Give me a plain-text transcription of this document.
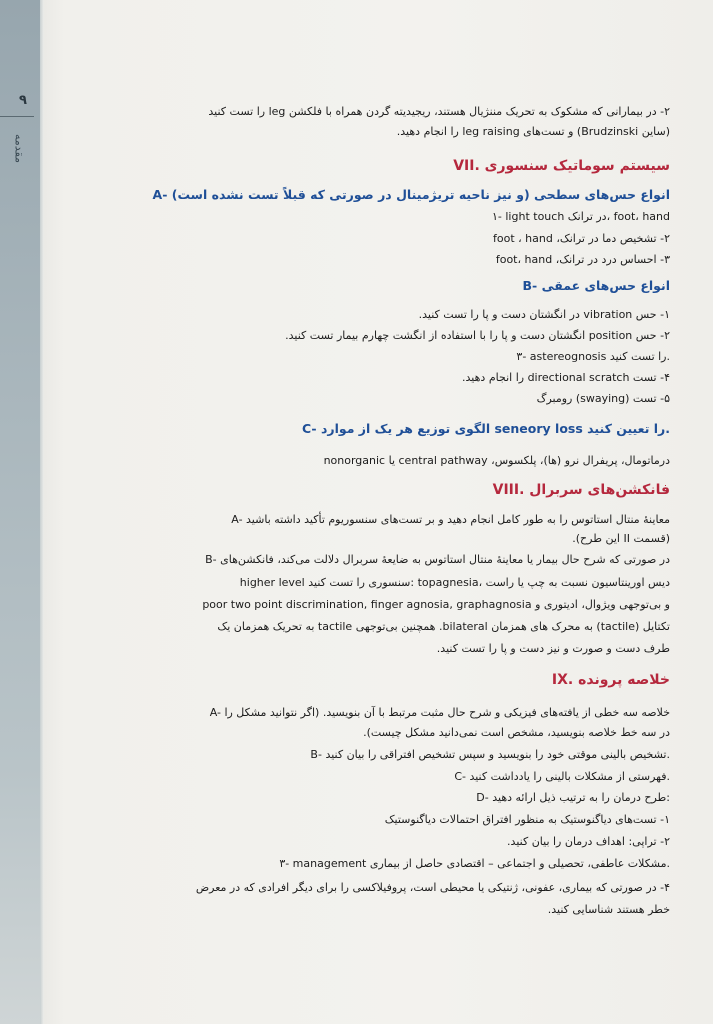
۹
مقدمه
۲- در بیمارانی که مشکوک به تحریک مننژیال هستند، ریجیدیته گردن همراه با فلکشن leg را تست کنید
(ساین Brudzinski) و تست‌های leg raising را انجام دهید.
VII. سیستم سوماتیک سنسوری
A- انواع حس‌های سطحی (و نیز ناحیه تریژمینال در صورتی که قبلاً تست نشده است)
۱- light touch در ترانک، foot، hand
۲- تشخیص دما در ترانک، foot ، hand
۳- احساس درد در ترانک، foot، hand
B- انواع حس‌های عمقی
۱- حس vibration در انگشتان دست و پا را تست کنید.
۲- حس position انگشتان دست و پا را با استفاده از انگشت چهارم بیمار تست کنید.
۳- astereognosis را تست کنید.
۴- تست directional scratch را انجام دهید.
۵- تست (swaying) رومبرگ
C- الگوی توزیع هر یک از موارد seneory loss را تعیین کنید.
درماتومال، پریفرال نرو (ها)، پلکسوس، central pathway یا nonorganic
VIII. فانکشن‌های سربرال
A- معاینهٔ منتال استاتوس را به طور کامل انجام دهید و بر تست‌های سنسوریوم تأکید داشته باشید
(قسمت II این طرح).
B- در صورتی که شرح حال بیمار یا معاینهٔ منتال استاتوس به ضایعهٔ سربرال دلالت می‌کند، فانکشن‌های
higher level سنسوری را تست کنید: topagnesia، دیس اورینتاسیون نسبت به چپ یا راست
poor two point discrimination, finger agnosia, graphagnosia و بی‌توجهی ویژوال، ادیتوری و
تکتایل (tactile) به محرک های همزمان bilateral. همچنین بی‌توجهی tactile به تحریک همزمان یک
طرف دست و صورت و نیز دست و پا را تست کنید.
IX. خلاصه پرونده
A- خلاصه سه خطی از یافته‌های فیزیکی و شرح حال مثبت مرتبط با آن بنویسید. (اگر نتوانید مشکل را
در سه خط خلاصه بنویسید، مشخص است نمی‌دانید مشکل چیست).
B- تشخیص بالینی موقتی خود را بنویسید و سپس تشخیص افتراقی را بیان کنید.
C- فهرستی از مشکلات بالینی را یادداشت کنید.
D- طرح درمان را به ترتیب ذیل ارائه دهید:
۱- تست‌های دیاگنوستیک به منظور افتراق احتمالات دیاگنوستیک
۲- تراپی: اهداف درمان را بیان کنید.
۳- management مشکلات عاطفی، تحصیلی و اجتماعی – اقتصادی حاصل از بیماری.
۴- در صورتی که بیماری، عفونی، ژنتیکی یا محیطی است، پروفیلاکسی را برای دیگر افرادی که در معرض
خطر هستند شناسایی کنید.
